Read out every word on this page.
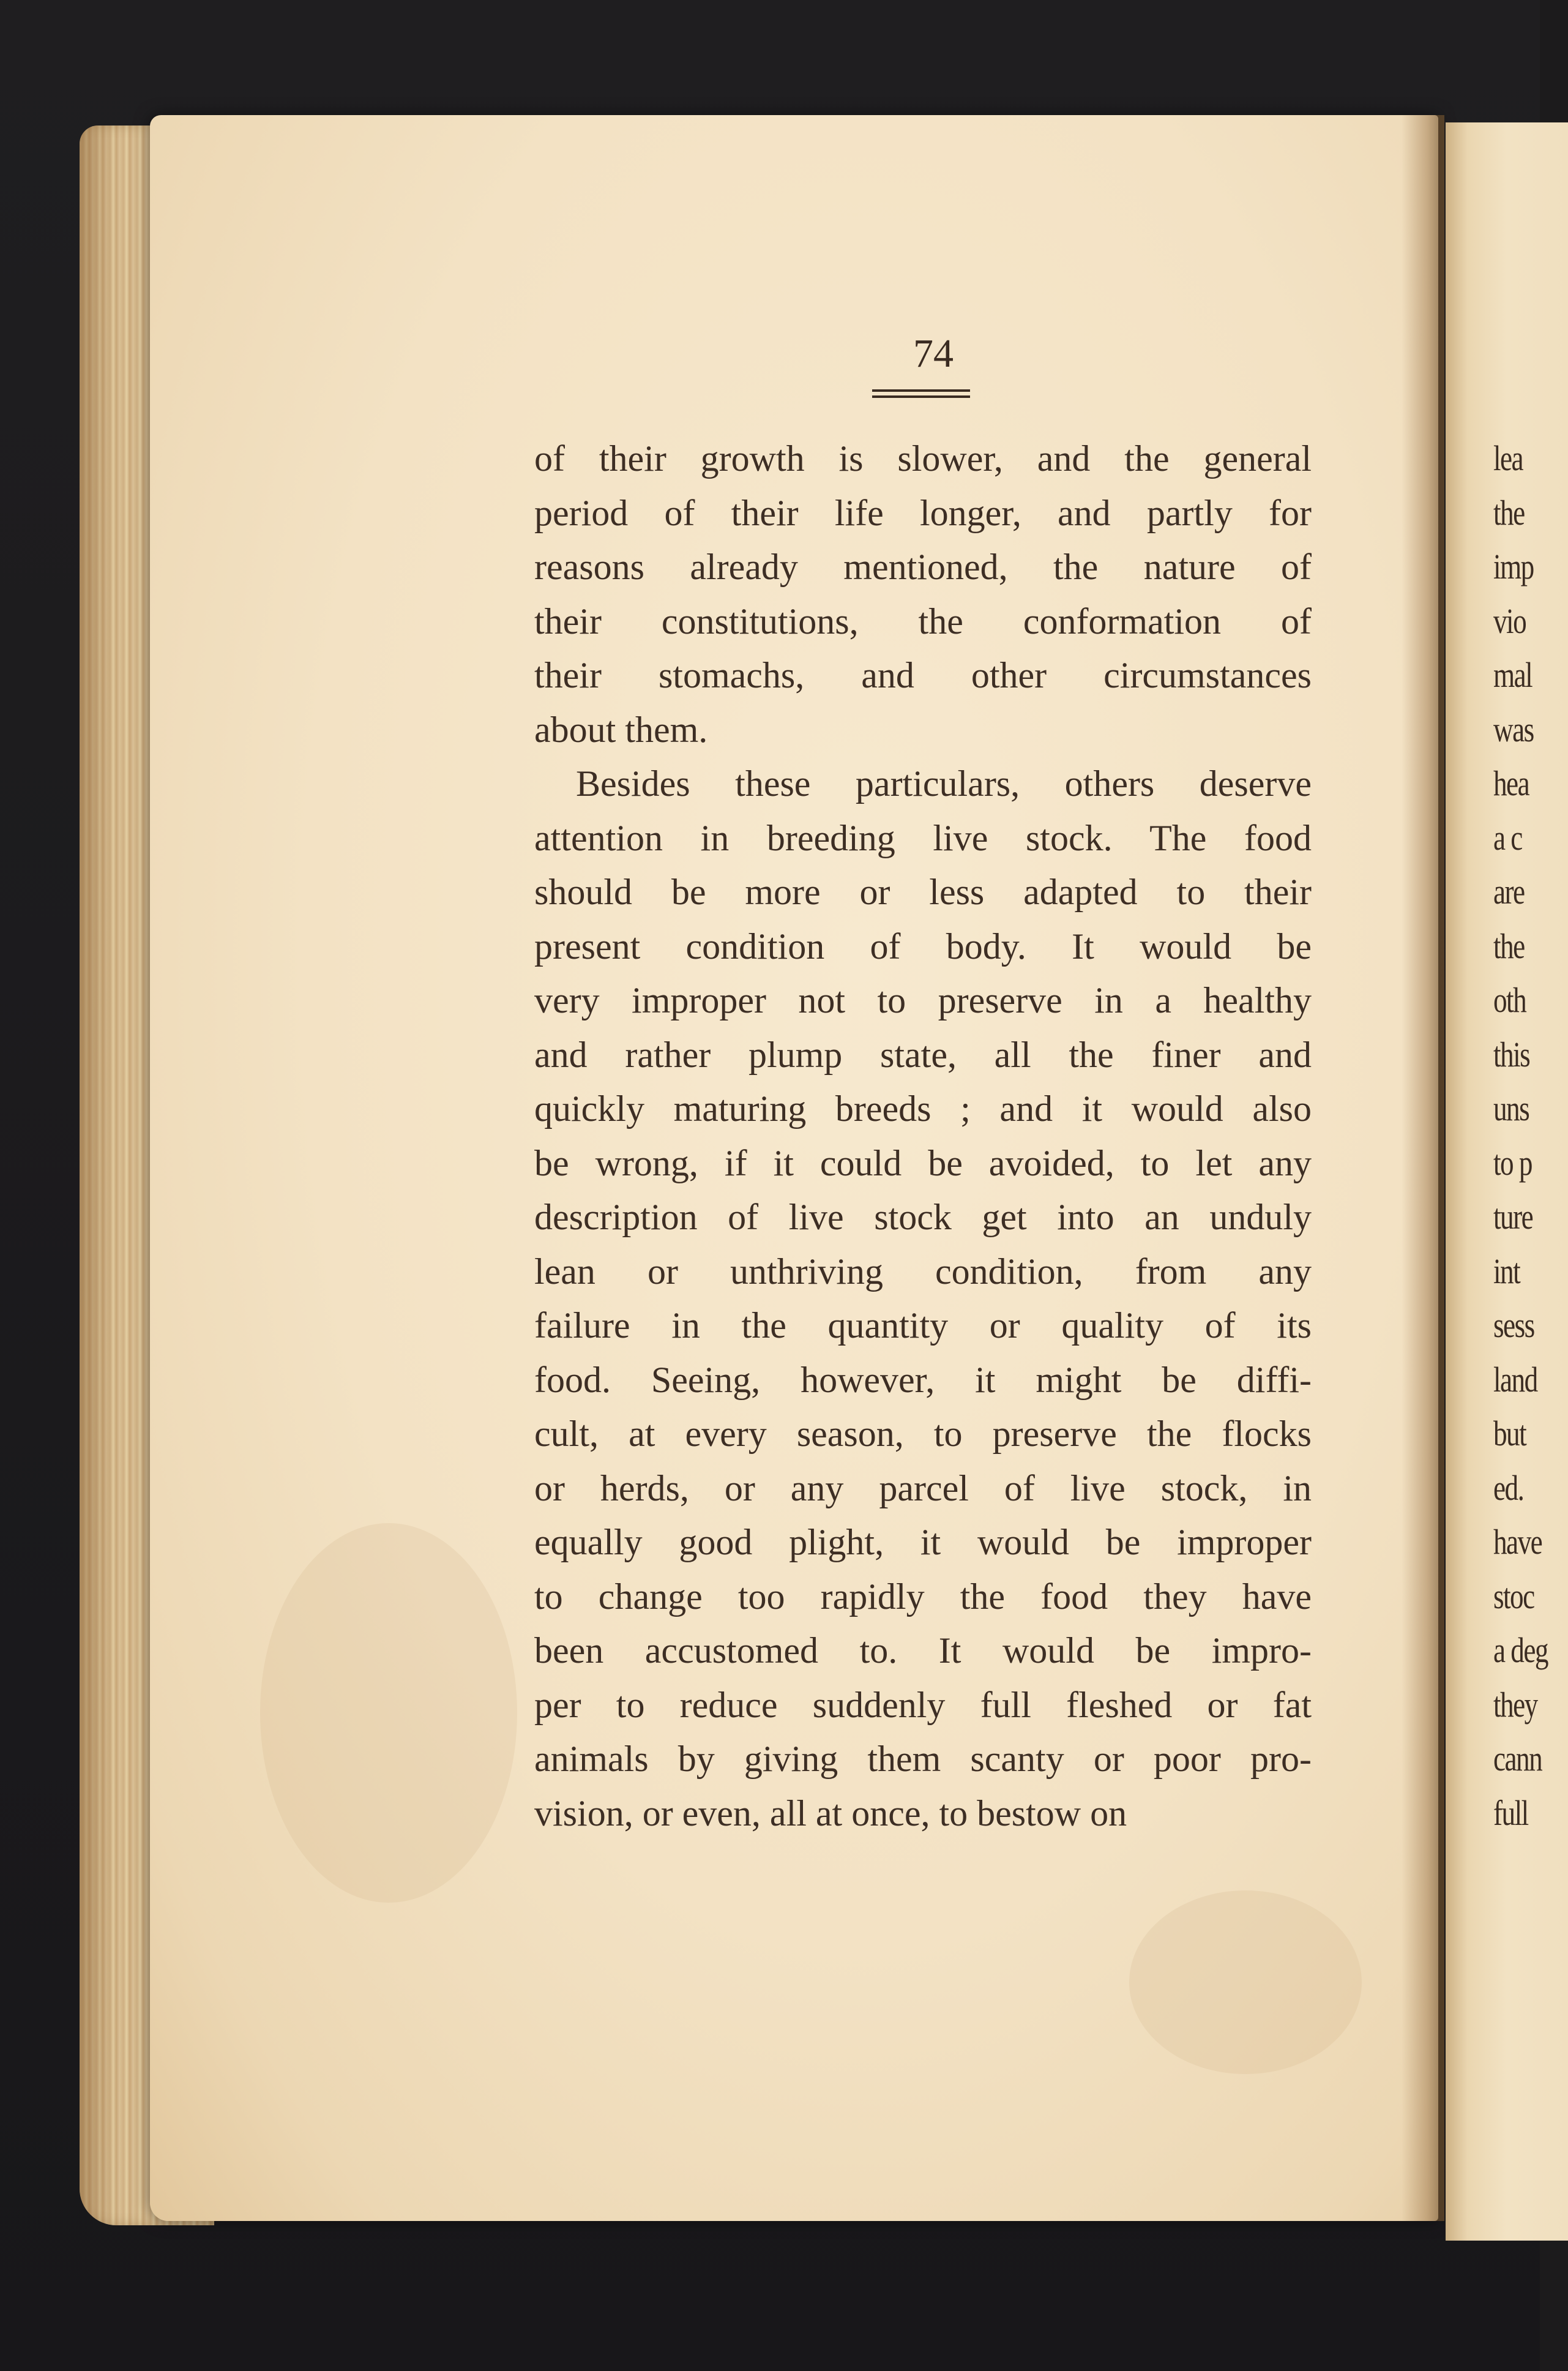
lea
the
imp
vio
mal
was
hea
a c
are
the
oth
this
uns
to p
ture
int
sess
land
but
ed.
have
stoc
a deg
they
cann
full
74
of their growth is slower, and the general
period of their life longer, and partly for
reasons already mentioned, the nature of
their constitutions, the conformation of
their stomachs, and other circumstances
about them.
Besides these particulars, others deserve
attention in breeding live stock. The food
should be more or less adapted to their
present condition of body. It would be
very improper not to preserve in a healthy
and rather plump state, all the finer and
quickly maturing breeds ; and it would also
be wrong, if it could be avoided, to let any
description of live stock get into an unduly
lean or unthriving condition, from any
failure in the quantity or quality of its
food. Seeing, however, it might be diffi-
cult, at every season, to preserve the flocks
or herds, or any parcel of live stock, in
equally good plight, it would be improper
to change too rapidly the food they have
been accustomed to. It would be impro-
per to reduce suddenly full fleshed or fat
animals by giving them scanty or poor pro-
vision, or even, all at once, to bestow on
